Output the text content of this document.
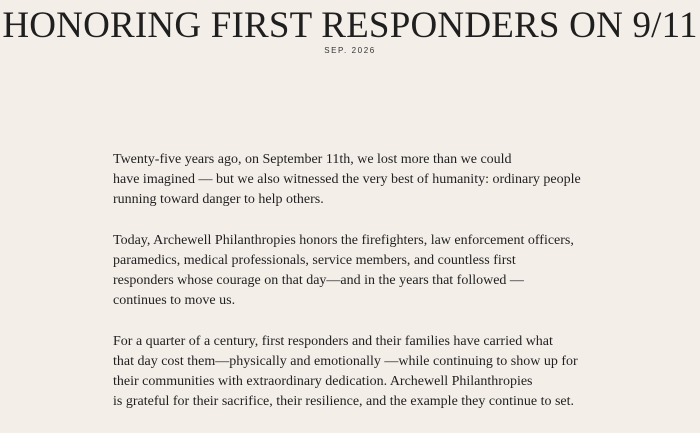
HONORING FIRST RESPONDERS ON 9/11
SEP. 2026

Twenty-five years ago, on September 11th, we lost more than we could
have imagined — but we also witnessed the very best of humanity: ordinary people
running toward danger to help others.

Today, Archewell Philanthropies honors the firefighters, law enforcement officers,
paramedics, medical professionals, service members, and countless first
responders whose courage on that day—and in the years that followed —
continues to move us.

For a quarter of a century, first responders and their families have carried what
that day cost them—physically and emotionally —while continuing to show up for
their communities with extraordinary dedication. Archewell Philanthropies
is grateful for their sacrifice, their resilience, and the example they continue to set.
